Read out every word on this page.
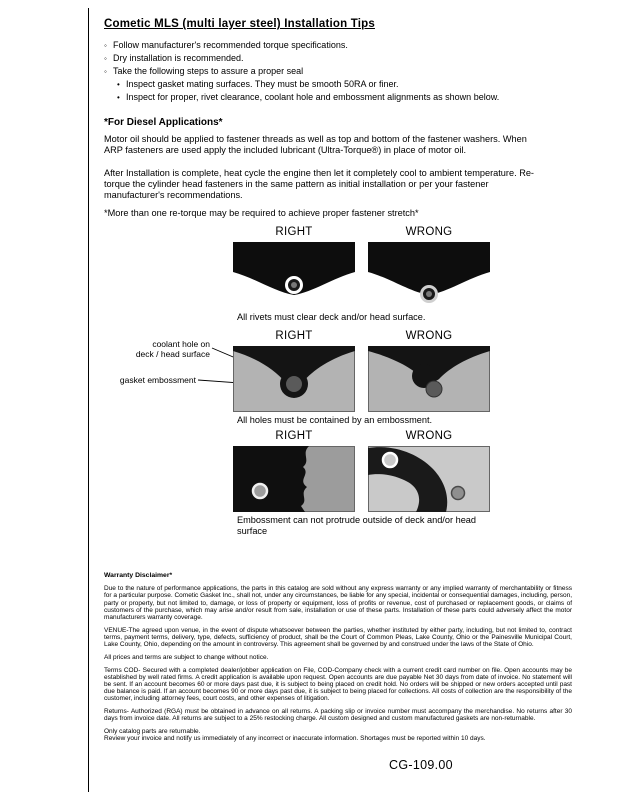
Cometic MLS (multi layer steel) Installation Tips
◦
Follow manufacturer's recommended torque specifications.
◦
Dry installation is recommended.
◦
Take the following steps to assure a proper seal
•
Inspect gasket mating surfaces. They must be smooth 50RA or finer.
•
Inspect for proper, rivet clearance, coolant hole and embossment alignments as shown below.
*For Diesel Applications*
Motor oil should be applied to fastener threads as well as top and bottom of the fastener washers. When ARP fasteners are used apply the included lubricant (Ultra-Torque®) in place of motor oil.
After Installation is complete, heat cycle the engine then let it completely cool to ambient temperature. Re-torque the cylinder head fasteners in the same pattern as initial installation or per your fastener manufacturer's recommendations.
*More than one re-torque may be required to achieve proper fastener stretch*
RIGHT	WRONG
All rivets must clear deck and/or head surface.
RIGHT	WRONG
coolant hole on
deck / head surface
gasket embossment
All holes must be contained by an embossment.
RIGHT	WRONG
Embossment can not protrude outside of deck and/or head surface
Warranty Disclaimer*
Due to the nature of performance applications, the parts in this catalog are sold without any express warranty or any implied warranty of merchantability or fitness for a particular purpose. Cometic Gasket Inc., shall not, under any circumstances, be liable for any special, incidental or consequential damages, including, person, party or property, but not limited to, damage, or loss of property or equipment, loss of profits or revenue, cost of purchased or replacement goods, or claims of customers of the purchase, which may arise and/or result from sale, installation or use of these parts. Installation of these parts could adversely affect the motor manufacturers warranty coverage.
VENUE-The agreed upon venue, in the event of dispute whatsoever between the parties, whether instituted by either party, including, but not limited to, contract terms, payment terms, delivery, type, defects, sufficiency of product, shall be the Court of Common Pleas, Lake County, Ohio or the Painesville Municipal Court, Lake County, Ohio, depending on the amount in controversy. This agreement shall be governed by and construed under the laws of the State of Ohio.
All prices and terms are subject to change without notice.
Terms COD- Secured with a completed dealer/jobber application on File, COD-Company check with a current credit card number on file. Open accounts may be established by well rated firms. A credit application is available upon request. Open accounts are due payable Net 30 days from date of invoice. No statement will be sent. If an account becomes 60 or more days past due, it is subject to being placed on credit hold. No orders will be shipped or new orders accepted until past due balance is paid. If an account becomes 90 or more days past due, it is subject to being placed for collections. All costs of collection are the responsibility of the customer, including attorney fees, court costs, and other expenses of litigation.
Returns- Authorized (RGA) must be obtained in advance on all returns. A packing slip or invoice number must accompany the merchandise. No returns after 30 days from invoice date. All returns are subject to a 25% restocking charge. All custom designed and custom manufactured gaskets are non-returnable.
Only catalog parts are returnable.
Review your invoice and notify us immediately of any incorrect or inaccurate information. Shortages must be reported within 10 days.
CG-109.00
